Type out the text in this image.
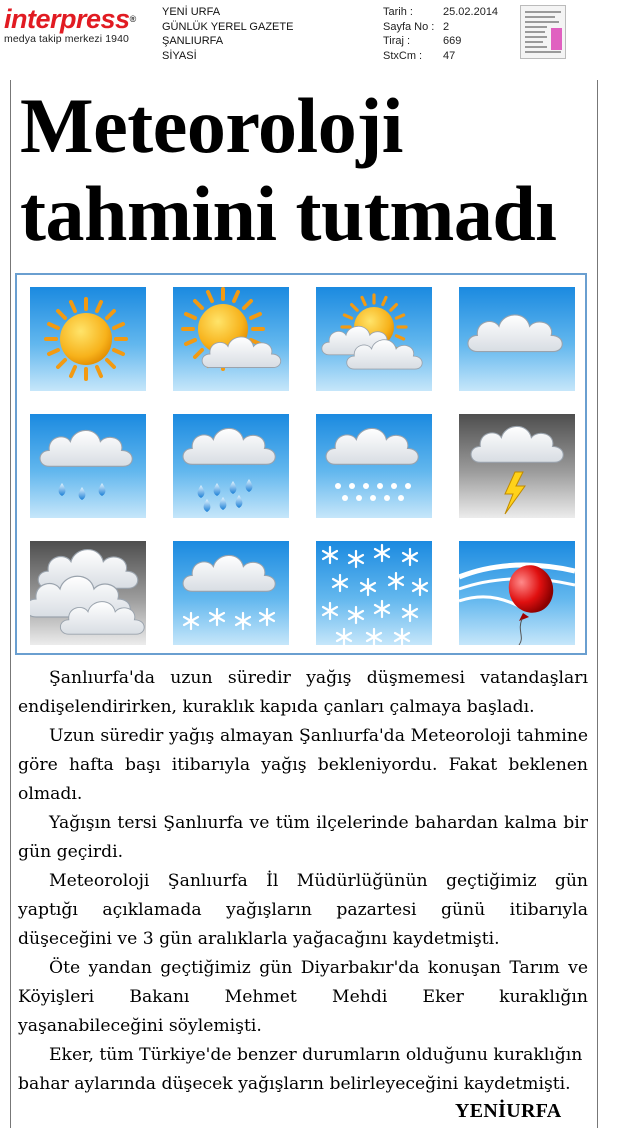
interpress®
medya takip merkezi 1940
YENİ URFA
GÜNLÜK YEREL GAZETE
ŞANLIURFA
SİYASİ
Tarih :	25.02.2014
Sayfa No : 2
Tiraj :	669
StxCm :	47
Meteoroloji tahmini tutmadı

Şanlıurfa'da uzun süredir yağış düşmemesi vatandaşları endişelendirirken, kuraklık kapıda çanları çalmaya başladı.

Uzun süredir yağış almayan Şanlıurfa'da Meteoroloji tahmine göre hafta başı itibarıyla yağış bekleniyordu. Fakat beklenen olmadı.

Yağışın tersi Şanlıurfa ve tüm ilçelerinde bahardan kalma bir gün geçirdi.

Meteoroloji Şanlıurfa İl Müdürlüğünün geçtiğimiz gün yaptığı açıklamada yağışların pazartesi günü itibarıyla düşeceğini ve 3 gün aralıklarla yağacağını kaydetmişti.

Öte yandan geçtiğimiz gün Diyarbakır'da konuşan Tarım ve Köyişleri Bakanı Mehmet Mehdi Eker kuraklığın yaşanabileceğini söylemişti.

Eker, tüm Türkiye'de benzer durumların olduğunu kuraklığın bahar aylarında düşecek yağışların belirleyeceğini kaydetmişti.

YENİURFA
